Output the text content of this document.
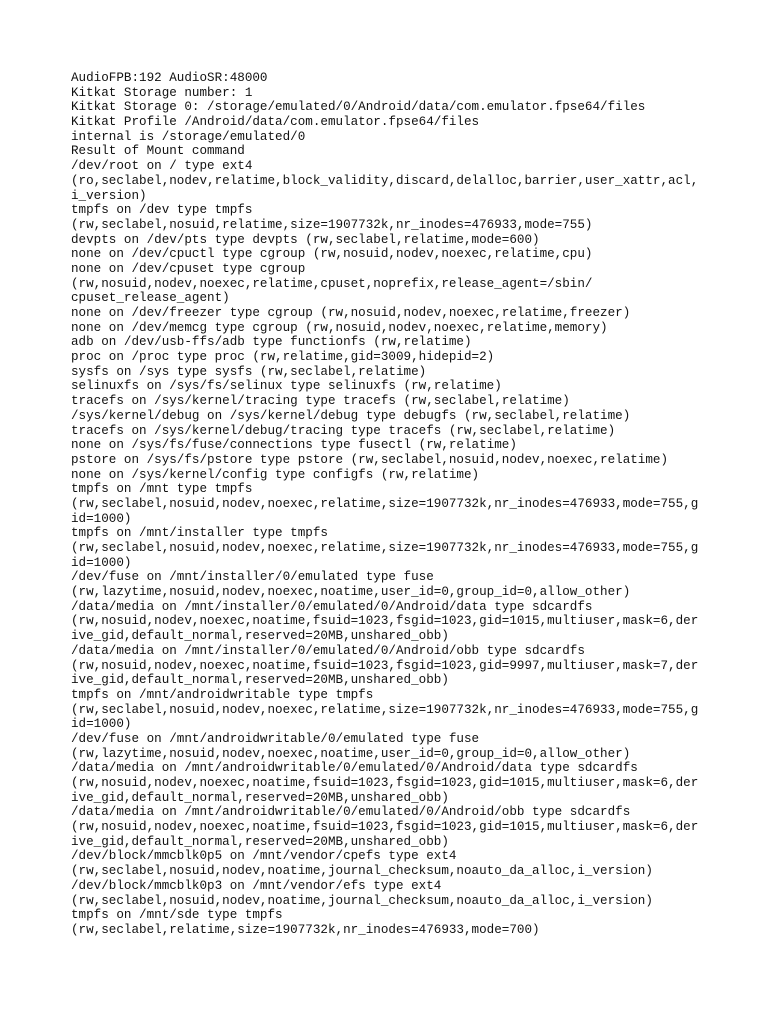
AudioFPB:192 AudioSR:48000
Kitkat Storage number: 1
Kitkat Storage 0: /storage/emulated/0/Android/data/com.emulator.fpse64/files
Kitkat Profile /Android/data/com.emulator.fpse64/files
internal is /storage/emulated/0
Result of Mount command
/dev/root on / type ext4
(ro,seclabel,nodev,relatime,block_validity,discard,delalloc,barrier,user_xattr,acl,
i_version)
tmpfs on /dev type tmpfs
(rw,seclabel,nosuid,relatime,size=1907732k,nr_inodes=476933,mode=755)
devpts on /dev/pts type devpts (rw,seclabel,relatime,mode=600)
none on /dev/cpuctl type cgroup (rw,nosuid,nodev,noexec,relatime,cpu)
none on /dev/cpuset type cgroup
(rw,nosuid,nodev,noexec,relatime,cpuset,noprefix,release_agent=/sbin/
cpuset_release_agent)
none on /dev/freezer type cgroup (rw,nosuid,nodev,noexec,relatime,freezer)
none on /dev/memcg type cgroup (rw,nosuid,nodev,noexec,relatime,memory)
adb on /dev/usb-ffs/adb type functionfs (rw,relatime)
proc on /proc type proc (rw,relatime,gid=3009,hidepid=2)
sysfs on /sys type sysfs (rw,seclabel,relatime)
selinuxfs on /sys/fs/selinux type selinuxfs (rw,relatime)
tracefs on /sys/kernel/tracing type tracefs (rw,seclabel,relatime)
/sys/kernel/debug on /sys/kernel/debug type debugfs (rw,seclabel,relatime)
tracefs on /sys/kernel/debug/tracing type tracefs (rw,seclabel,relatime)
none on /sys/fs/fuse/connections type fusectl (rw,relatime)
pstore on /sys/fs/pstore type pstore (rw,seclabel,nosuid,nodev,noexec,relatime)
none on /sys/kernel/config type configfs (rw,relatime)
tmpfs on /mnt type tmpfs
(rw,seclabel,nosuid,nodev,noexec,relatime,size=1907732k,nr_inodes=476933,mode=755,g
id=1000)
tmpfs on /mnt/installer type tmpfs
(rw,seclabel,nosuid,nodev,noexec,relatime,size=1907732k,nr_inodes=476933,mode=755,g
id=1000)
/dev/fuse on /mnt/installer/0/emulated type fuse
(rw,lazytime,nosuid,nodev,noexec,noatime,user_id=0,group_id=0,allow_other)
/data/media on /mnt/installer/0/emulated/0/Android/data type sdcardfs
(rw,nosuid,nodev,noexec,noatime,fsuid=1023,fsgid=1023,gid=1015,multiuser,mask=6,der
ive_gid,default_normal,reserved=20MB,unshared_obb)
/data/media on /mnt/installer/0/emulated/0/Android/obb type sdcardfs
(rw,nosuid,nodev,noexec,noatime,fsuid=1023,fsgid=1023,gid=9997,multiuser,mask=7,der
ive_gid,default_normal,reserved=20MB,unshared_obb)
tmpfs on /mnt/androidwritable type tmpfs
(rw,seclabel,nosuid,nodev,noexec,relatime,size=1907732k,nr_inodes=476933,mode=755,g
id=1000)
/dev/fuse on /mnt/androidwritable/0/emulated type fuse
(rw,lazytime,nosuid,nodev,noexec,noatime,user_id=0,group_id=0,allow_other)
/data/media on /mnt/androidwritable/0/emulated/0/Android/data type sdcardfs
(rw,nosuid,nodev,noexec,noatime,fsuid=1023,fsgid=1023,gid=1015,multiuser,mask=6,der
ive_gid,default_normal,reserved=20MB,unshared_obb)
/data/media on /mnt/androidwritable/0/emulated/0/Android/obb type sdcardfs
(rw,nosuid,nodev,noexec,noatime,fsuid=1023,fsgid=1023,gid=1015,multiuser,mask=6,der
ive_gid,default_normal,reserved=20MB,unshared_obb)
/dev/block/mmcblk0p5 on /mnt/vendor/cpefs type ext4
(rw,seclabel,nosuid,nodev,noatime,journal_checksum,noauto_da_alloc,i_version)
/dev/block/mmcblk0p3 on /mnt/vendor/efs type ext4
(rw,seclabel,nosuid,nodev,noatime,journal_checksum,noauto_da_alloc,i_version)
tmpfs on /mnt/sde type tmpfs
(rw,seclabel,relatime,size=1907732k,nr_inodes=476933,mode=700)
